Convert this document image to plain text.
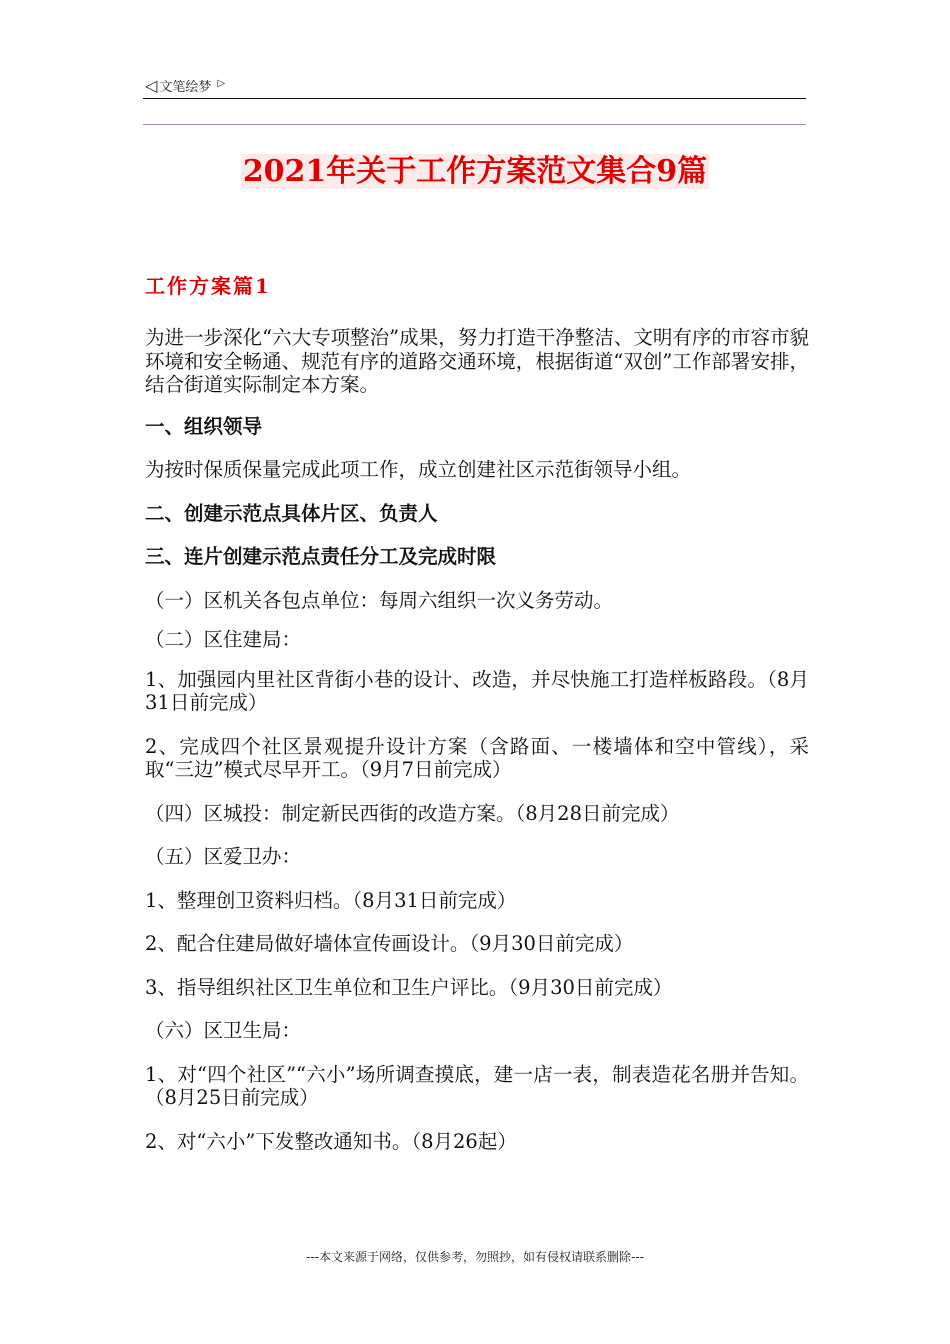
◁ 文笔绘梦 ▷
2021年关于工作方案范文集合9篇
工作方案篇1

为进一步深化“六大专项整治”成果，努力打造干净整洁、文明有序的市容市貌环境和安全畅通、规范有序的道路交通环境，根据街道“双创”工作部署安排，结合街道实际制定本方案。

一、组织领导

为按时保质保量完成此项工作，成立创建社区示范街领导小组。

二、创建示范点具体片区、负责人

三、连片创建示范点责任分工及完成时限

（一）区机关各包点单位：每周六组织一次义务劳动。

（二）区住建局：

1、加强园内里社区背街小巷的设计、改造，并尽快施工打造样板路段。（8月31日前完成）

2、完成四个社区景观提升设计方案（含路面、一楼墙体和空中管线），采取“三边”模式尽早开工。（9月7日前完成）

（四）区城投：制定新民西街的改造方案。（8月28日前完成）

（五）区爱卫办：

1、整理创卫资料归档。（8月31日前完成）

2、配合住建局做好墙体宣传画设计。（9月30日前完成）

3、指导组织社区卫生单位和卫生户评比。（9月30日前完成）

（六）区卫生局：

1、对“四个社区”“六小”场所调查摸底，建一店一表，制表造花名册并告知。（8月25日前完成）

2、对“六小”下发整改通知书。（8月26起）

---本文来源于网络，仅供参考，勿照抄，如有侵权请联系删除---
